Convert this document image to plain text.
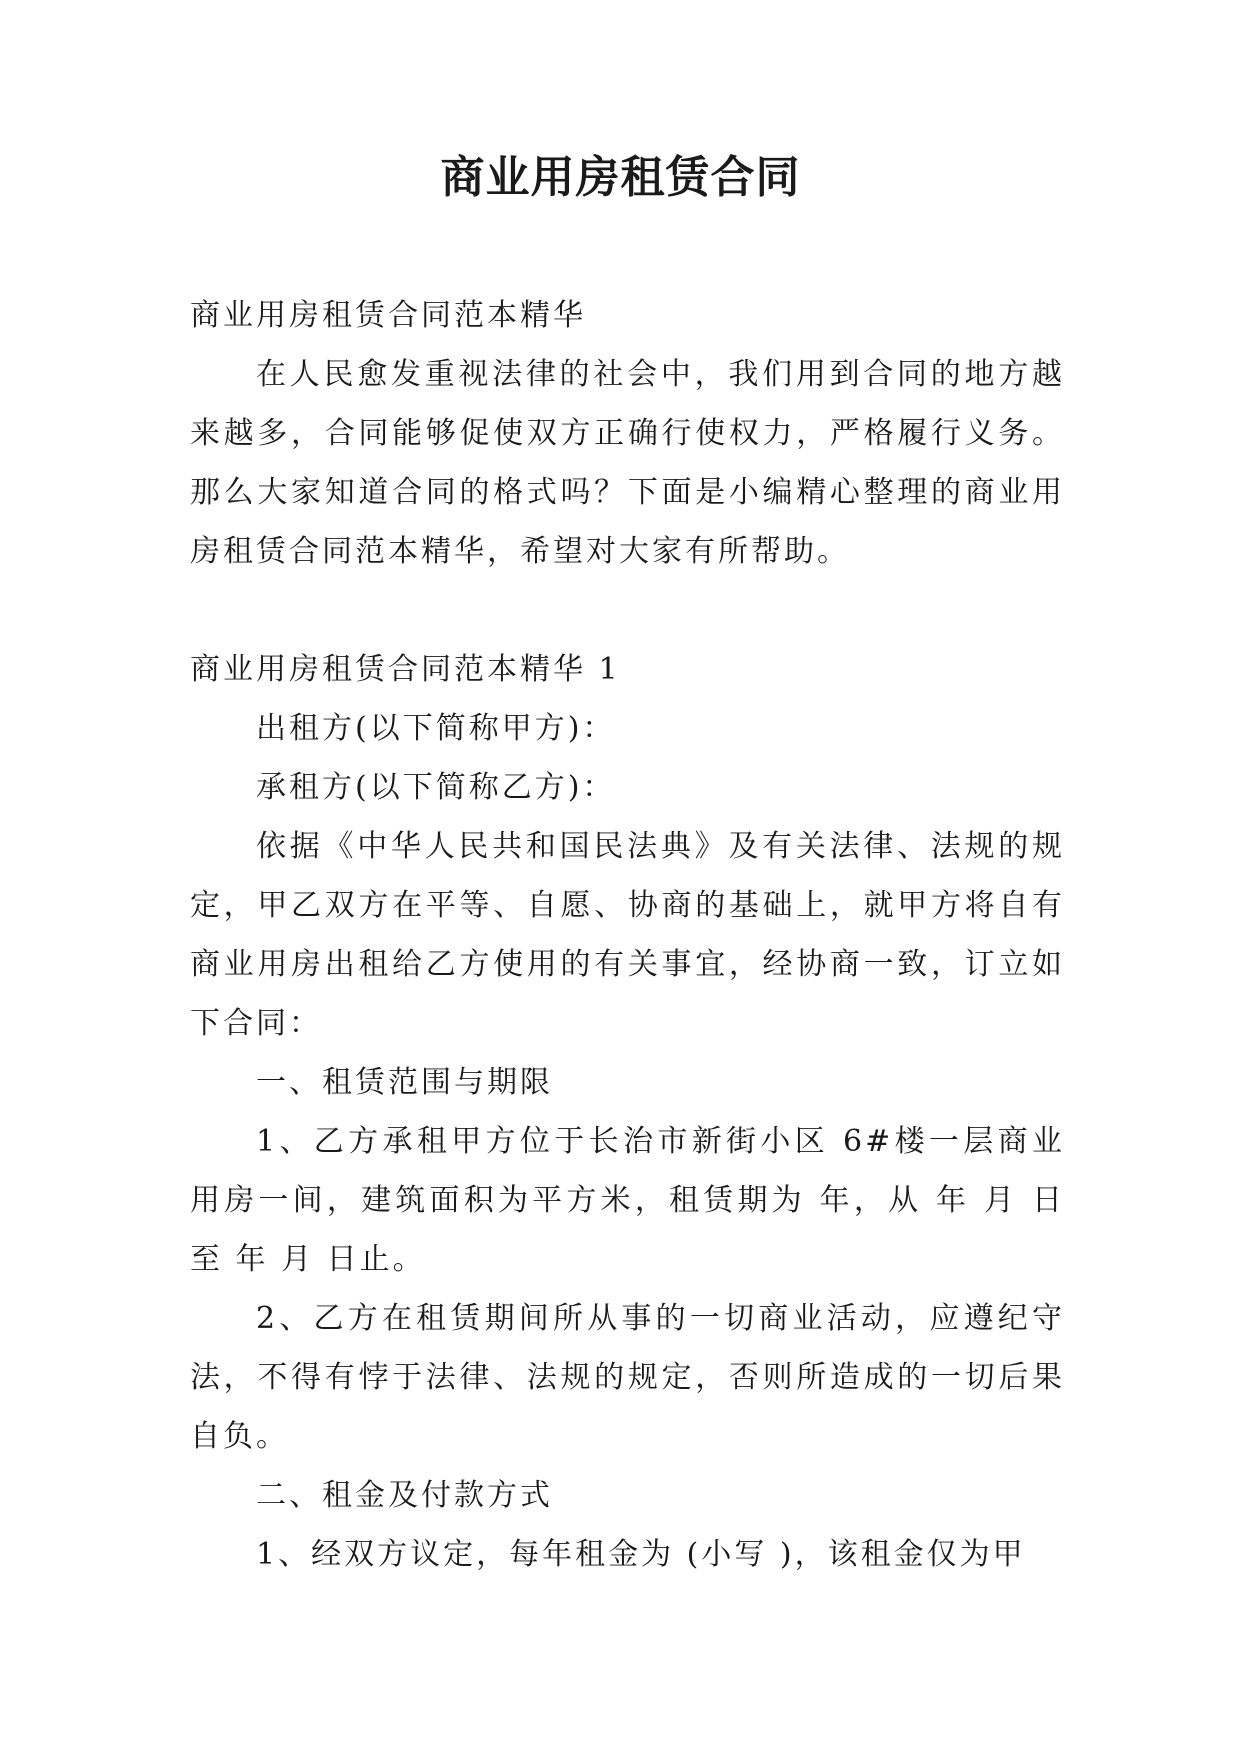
商业用房租赁合同

商业用房租赁合同范本精华

在人民愈发重视法律的社会中，我们用到合同的地方越来越多，合同能够促使双方正确行使权力，严格履行义务。那么大家知道合同的格式吗？下面是小编精心整理的商业用房租赁合同范本精华，希望对大家有所帮助。

商业用房租赁合同范本精华 1

出租方(以下简称甲方)：

承租方(以下简称乙方)：

依据《中华人民共和国民法典》及有关法律、法规的规定，甲乙双方在平等、自愿、协商的基础上，就甲方将自有商业用房出租给乙方使用的有关事宜，经协商一致，订立如下合同：

一、租赁范围与期限

1、乙方承租甲方位于长治市新街小区 6#楼一层商业用房一间，建筑面积为平方米，租赁期为 年，从 年 月 日至 年 月 日止。

2、乙方在租赁期间所从事的一切商业活动，应遵纪守法，不得有悖于法律、法规的规定，否则所造成的一切后果自负。

二、租金及付款方式

1、经双方议定，每年租金为 (小写 )，该租金仅为甲
